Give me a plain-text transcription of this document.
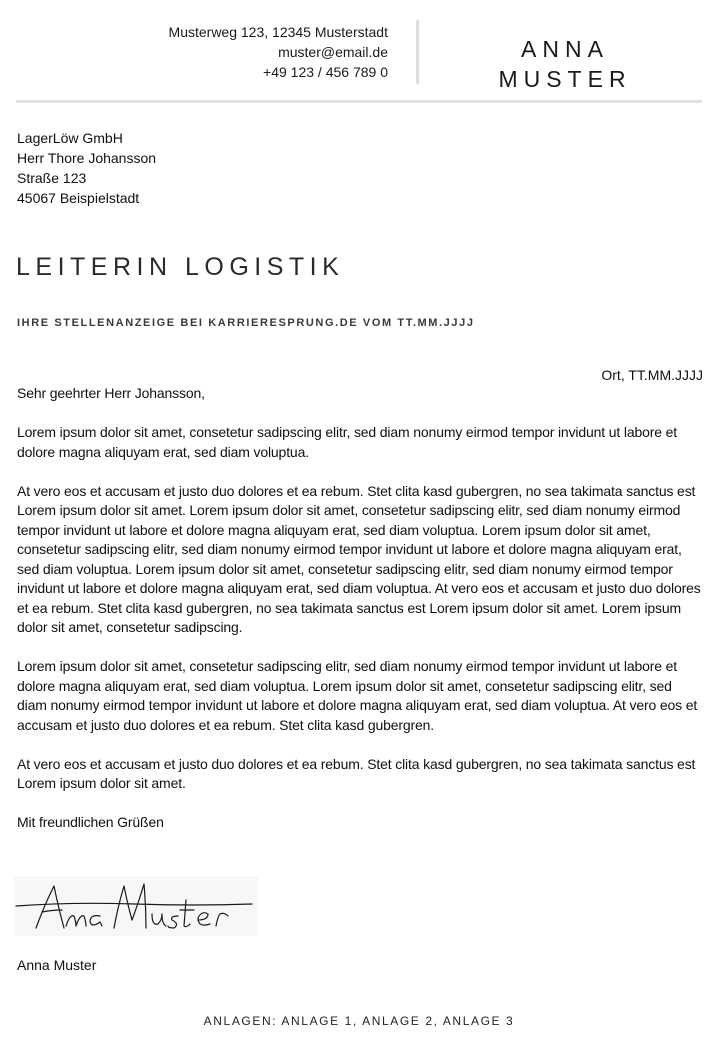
Musterweg 123, 12345 Musterstadt
muster@email.de
+49 123 / 456 789 0
ANNA
MUSTER
LagerLöw GmbH
Herr Thore Johansson
Straße 123
45067 Beispielstadt
LEITERIN LOGISTIK
IHRE STELLENANZEIGE BEI KARRIERESPRUNG.DE VOM TT.MM.JJJJ
Ort, TT.MM.JJJJ

Sehr geehrter Herr Johansson,

Lorem ipsum dolor sit amet, consetetur sadipscing elitr, sed diam nonumy eirmod tempor invidunt ut labore et dolore magna aliquyam erat, sed diam voluptua.

At vero eos et accusam et justo duo dolores et ea rebum. Stet clita kasd gubergren, no sea takimata sanctus est Lorem ipsum dolor sit amet. Lorem ipsum dolor sit amet, consetetur sadipscing elitr, sed diam nonumy eirmod tempor invidunt ut labore et dolore magna aliquyam erat, sed diam voluptua. Lorem ipsum dolor sit amet, consetetur sadipscing elitr, sed diam nonumy eirmod tempor invidunt ut labore et dolore magna aliquyam erat, sed diam voluptua. Lorem ipsum dolor sit amet, consetetur sadipscing elitr, sed diam nonumy eirmod tempor invidunt ut labore et dolore magna aliquyam erat, sed diam voluptua. At vero eos et accusam et justo duo dolores et ea rebum. Stet clita kasd gubergren, no sea takimata sanctus est Lorem ipsum dolor sit amet. Lorem ipsum dolor sit amet, consetetur sadipscing.

Lorem ipsum dolor sit amet, consetetur sadipscing elitr, sed diam nonumy eirmod tempor invidunt ut labore et dolore magna aliquyam erat, sed diam voluptua. Lorem ipsum dolor sit amet, consetetur sadipscing elitr, sed diam nonumy eirmod tempor invidunt ut labore et dolore magna aliquyam erat, sed diam voluptua. At vero eos et accusam et justo duo dolores et ea rebum. Stet clita kasd gubergren.

At vero eos et accusam et justo duo dolores et ea rebum. Stet clita kasd gubergren, no sea takimata sanctus est Lorem ipsum dolor sit amet.

Mit freundlichen Grüßen

Anna Muster
ANLAGEN: ANLAGE 1, ANLAGE 2, ANLAGE 3
